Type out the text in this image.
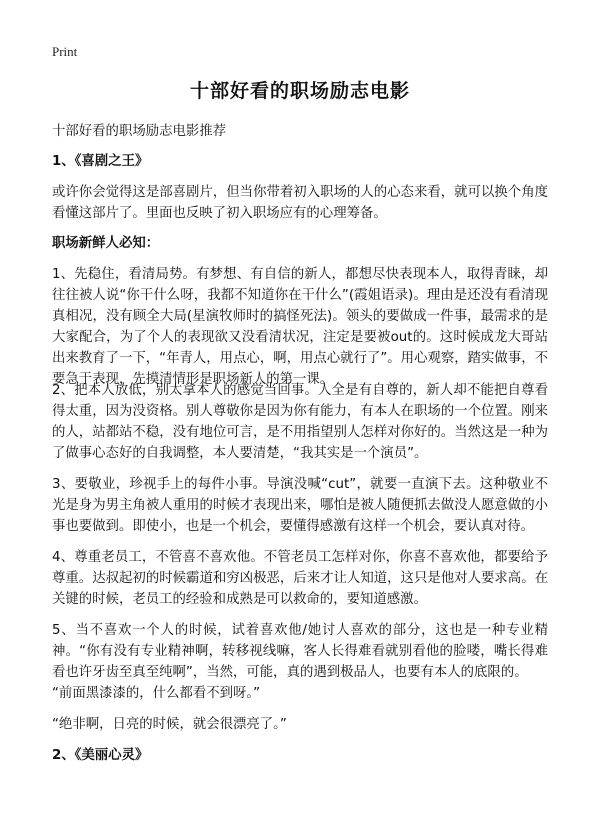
Print
十部好看的职场励志电影
十部好看的职场励志电影推荐
1、《喜剧之王》
或许你会觉得这是部喜剧片，但当你带着初入职场的人的心态来看，就可以换个角度看懂这部片了。里面也反映了初入职场应有的心理筹备。
职场新鲜人必知：
1、先稳住，看清局势。有梦想、有自信的新人，都想尽快表现本人，取得青睐，却往往被人说“你干什么呀，我都不知道你在干什么”(霞姐语录)。理由是还没有看清现真相况，没有顾全大局(星演牧师时的搞怪死法)。领头的要做成一件事，最需求的是大家配合，为了个人的表现欲又没看清状况，注定是要被out的。这时候成龙大哥站出来教育了一下，“年青人，用点心，啊，用点心就行了”。用心观察，踏实做事，不要急于表现，先摸清情形是职场新人的第一课。
2、把本人放低，别太拿本人的感觉当回事。人全是有自尊的，新人却不能把自尊看得太重，因为没资格。别人尊敬你是因为你有能力，有本人在职场的一个位置。刚来的人，站都站不稳，没有地位可言，是不用指望别人怎样对你好的。当然这是一种为了做事心态好的自我调整，本人要清楚，“我其实是一个演员”。
3、要敬业，珍视手上的每件小事。导演没喊“cut”，就要一直演下去。这种敬业不光是身为男主角被人重用的时候才表现出来，哪怕是被人随便抓去做没人愿意做的小事也要做到。即使小，也是一个机会，要懂得感激有这样一个机会，要认真对待。
4、尊重老员工，不管喜不喜欢他。不管老员工怎样对你，你喜不喜欢他，都要给予尊重。达叔起初的时候霸道和穷凶极恶，后来才让人知道，这只是他对人要求高。在关键的时候，老员工的经验和成熟是可以救命的，要知道感激。
5、当不喜欢一个人的时候，试着喜欢他/她讨人喜欢的部分，这也是一种专业精神。“你有没有专业精神啊，转移视线嘛，客人长得难看就别看他的脸喽，嘴长得难看也许牙齿至真至纯啊”，当然，可能，真的遇到极品人，也要有本人的底限的。
“前面黑漆漆的，什么都看不到呀。”
“绝非啊，日亮的时候，就会很漂亮了。”
2、《美丽心灵》
